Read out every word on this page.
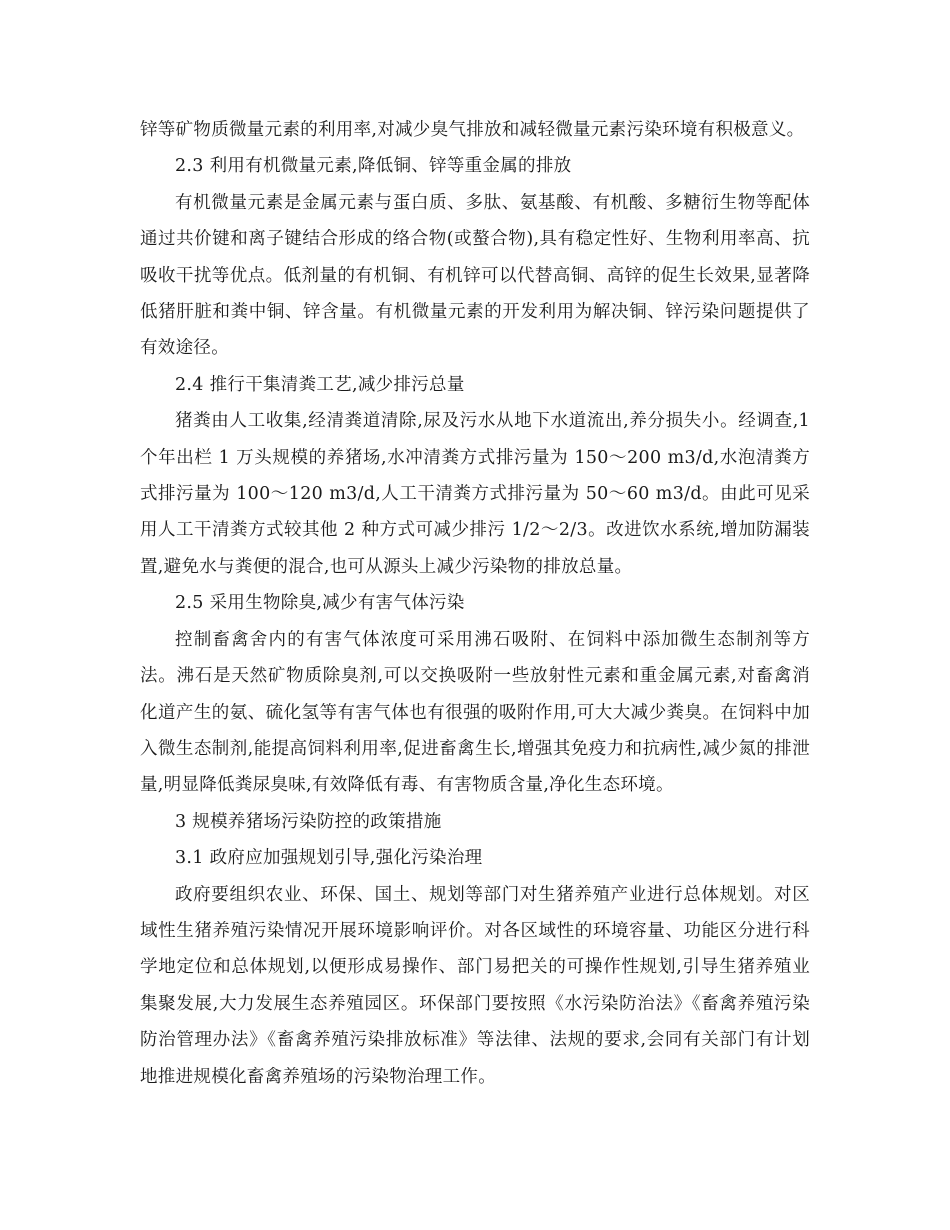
锌等矿物质微量元素的利用率,对减少臭气排放和减轻微量元素污染环境有积极意义。

2.3 利用有机微量元素,降低铜、锌等重金属的排放

有机微量元素是金属元素与蛋白质、多肽、氨基酸、有机酸、多糖衍生物等配体通过共价键和离子键结合形成的络合物(或螯合物),具有稳定性好、生物利用率高、抗吸收干扰等优点。低剂量的有机铜、有机锌可以代替高铜、高锌的促生长效果,显著降低猪肝脏和粪中铜、锌含量。有机微量元素的开发利用为解决铜、锌污染问题提供了有效途径。

2.4 推行干集清粪工艺,减少排污总量

猪粪由人工收集,经清粪道清除,尿及污水从地下水道流出,养分损失小。经调查,1 个年出栏 1 万头规模的养猪场,水冲清粪方式排污量为 150～200 m3/d,水泡清粪方式排污量为 100～120 m3/d,人工干清粪方式排污量为 50～60 m3/d。由此可见采用人工干清粪方式较其他 2 种方式可减少排污 1/2～2/3。改进饮水系统,增加防漏装置,避免水与粪便的混合,也可从源头上减少污染物的排放总量。

2.5 采用生物除臭,减少有害气体污染

控制畜禽舍内的有害气体浓度可采用沸石吸附、在饲料中添加微生态制剂等方法。沸石是天然矿物质除臭剂,可以交换吸附一些放射性元素和重金属元素,对畜禽消化道产生的氨、硫化氢等有害气体也有很强的吸附作用,可大大减少粪臭。在饲料中加入微生态制剂,能提高饲料利用率,促进畜禽生长,增强其免疫力和抗病性,减少氮的排泄量,明显降低粪尿臭味,有效降低有毒、有害物质含量,净化生态环境。

3 规模养猪场污染防控的政策措施

3.1 政府应加强规划引导,强化污染治理

政府要组织农业、环保、国土、规划等部门对生猪养殖产业进行总体规划。对区域性生猪养殖污染情况开展环境影响评价。对各区域性的环境容量、功能区分进行科学地定位和总体规划,以便形成易操作、部门易把关的可操作性规划,引导生猪养殖业集聚发展,大力发展生态养殖园区。环保部门要按照《水污染防治法》《畜禽养殖污染防治管理办法》《畜禽养殖污染排放标准》等法律、法规的要求,会同有关部门有计划地推进规模化畜禽养殖场的污染物治理工作。
